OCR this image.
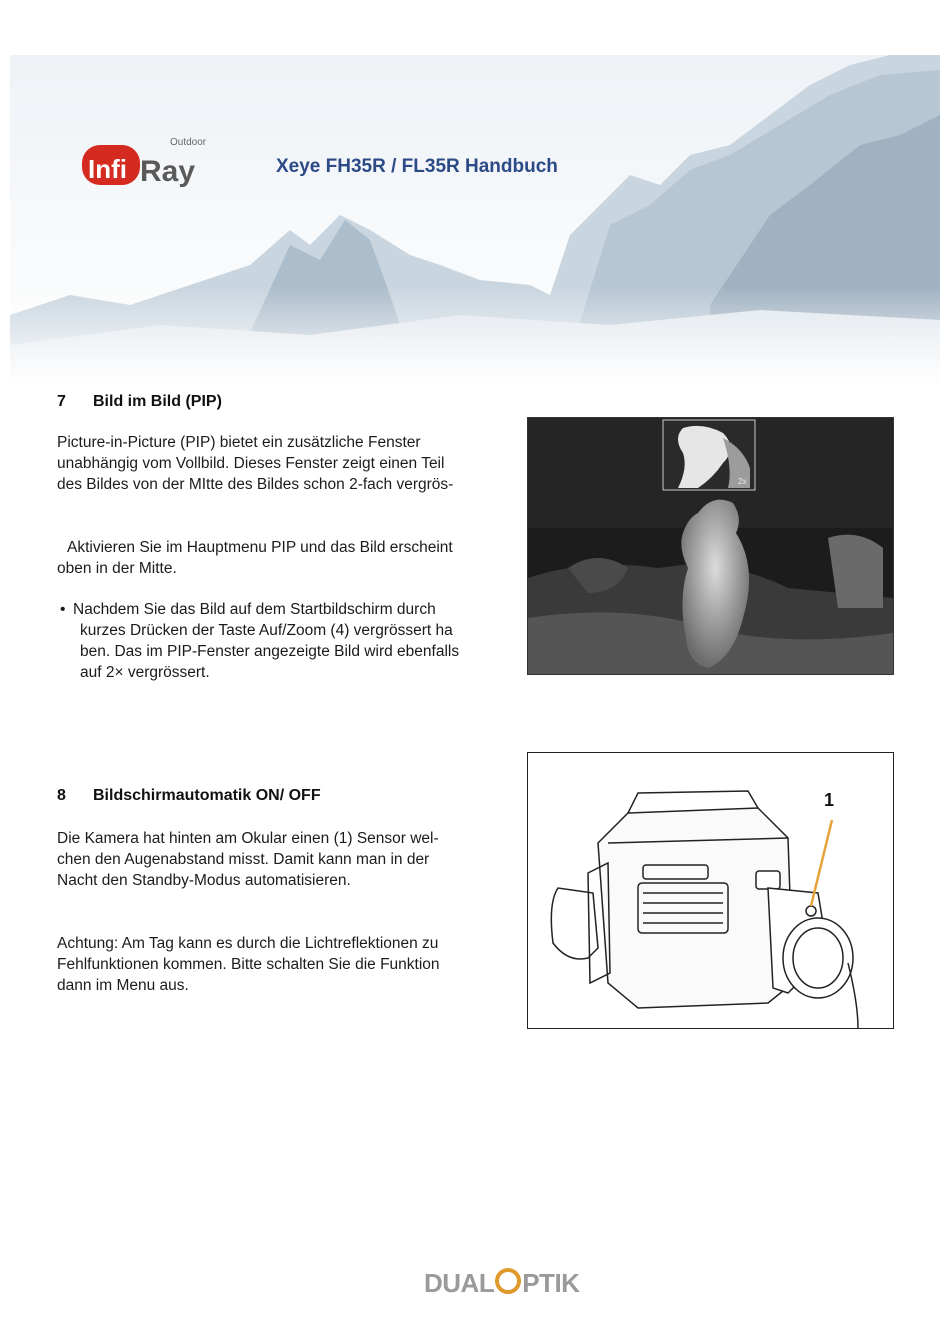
Outdoor
Infi Ray	Xeye FH35R / FL35R Handbuch
7 Bild im Bild (PIP)
Picture-in-Picture (PIP) bietet ein zusätzliche Fenster
unabhängig vom Vollbild. Dieses Fenster zeigt einen Teil
des Bildes von der MItte des Bildes schon 2-fach vergrös-
Aktivieren Sie im Hauptmenu PIP und das Bild erscheint
oben in der Mitte.
• Nachdem Sie das Bild auf dem Startbildschirm durch
kurzes Drücken der Taste Auf/Zoom (4) vergrössert ha
ben. Das im PIP-Fenster angezeigte Bild wird ebenfalls
auf 2× vergrössert.
2x
8 Bildschirmautomatik ON/ OFF
Die Kamera hat hinten am Okular einen (1) Sensor wel-
chen den Augenabstand misst. Damit kann man in der
Nacht den Standby-Modus automatisieren.
Achtung: Am Tag kann es durch die Lichtreflektionen zu
Fehlfunktionen kommen. Bitte schalten Sie die Funktion
dann im Menu aus.
1
DUAL PTIK
